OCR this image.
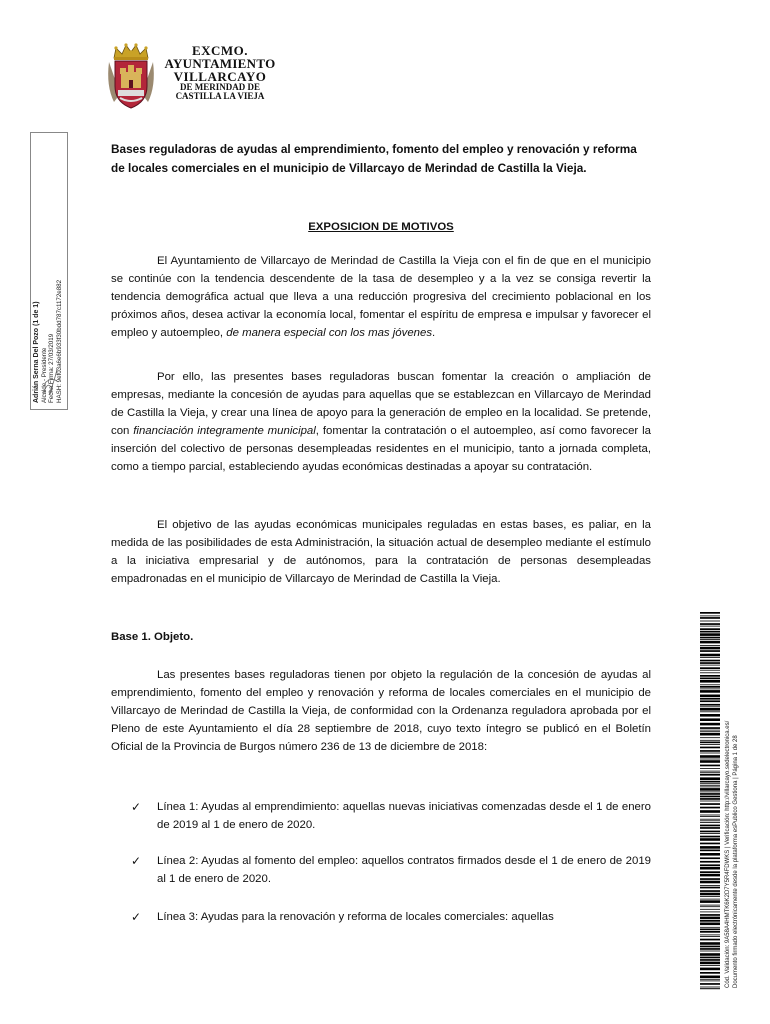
EXCMO.
AYUNTAMIENTO
VILLARCAYO
DE MERINDAD DE
CASTILLA LA VIEJA
Adrián Serna Del Pozo (1 de 1) Alcalde - Presidente Fecha Firma: 27/03/2019 HASH: 9ef03a6e6b933f30bdd787c1172e882
Bases reguladoras de ayudas al emprendimiento, fomento del empleo y renovación y reforma de locales comerciales en el municipio de Villarcayo de Merindad de Castilla la Vieja.
EXPOSICION DE MOTIVOS
El Ayuntamiento de Villarcayo de Merindad de Castilla la Vieja con el fin de que en el municipio se continúe con la tendencia descendente de la tasa de desempleo y a la vez se consiga revertir la tendencia demográfica actual que lleva a una reducción progresiva del crecimiento poblacional en los próximos años, desea activar la economía local, fomentar el espíritu de empresa e impulsar y favorecer el empleo y autoempleo, de manera especial con los mas jóvenes.
Por ello, las presentes bases reguladoras buscan fomentar la creación o ampliación de empresas, mediante la concesión de ayudas para aquellas que se establezcan en Villarcayo de Merindad de Castilla la Vieja, y crear una línea de apoyo para la generación de empleo en la localidad. Se pretende, con financiación integramente municipal, fomentar la contratación o el autoempleo, así como favorecer la inserción del colectivo de personas desempleadas residentes en el municipio, tanto a jornada completa, como a tiempo parcial, estableciendo ayudas económicas destinadas a apoyar su contratación.
El objetivo de las ayudas económicas municipales reguladas en estas bases, es paliar, en la medida de las posibilidades de esta Administración, la situación actual de desempleo mediante el estímulo a la iniciativa empresarial y de autónomos, para la contratación de personas desempleadas empadronadas en el municipio de Villarcayo de Merindad de Castilla la Vieja.
Base 1. Objeto.
Las presentes bases reguladoras tienen por objeto la regulación de la concesión de ayudas al emprendimiento, fomento del empleo y renovación y reforma de locales comerciales en el municipio de Villarcayo de Merindad de Castilla la Vieja, de conformidad con la Ordenanza reguladora aprobada por el Pleno de este Ayuntamiento el día 28 septiembre de 2018, cuyo texto íntegro se publicó en el Boletín Oficial de la Provincia de Burgos número 236 de 13 de diciembre de 2018:
✓	Línea 1: Ayudas al emprendimiento: aquellas nuevas iniciativas comenzadas desde el 1 de enero de 2019 al 1 de enero de 2020.
✓	Línea 2: Ayudas al fomento del empleo: aquellos contratos firmados desde el 1 de enero de 2019 al 1 de enero de 2020.
✓	Línea 3: Ayudas para la renovación y reforma de locales comerciales: aquellas	Cód. Validación: 9A58A4HMTK6K2D7Y5R4FDWKS | Verificación: http://villarcayo.sedelectronica.es/ Documento firmado electrónicamente desde la plataforma esPublico Gestiona | Página 1 de 28
